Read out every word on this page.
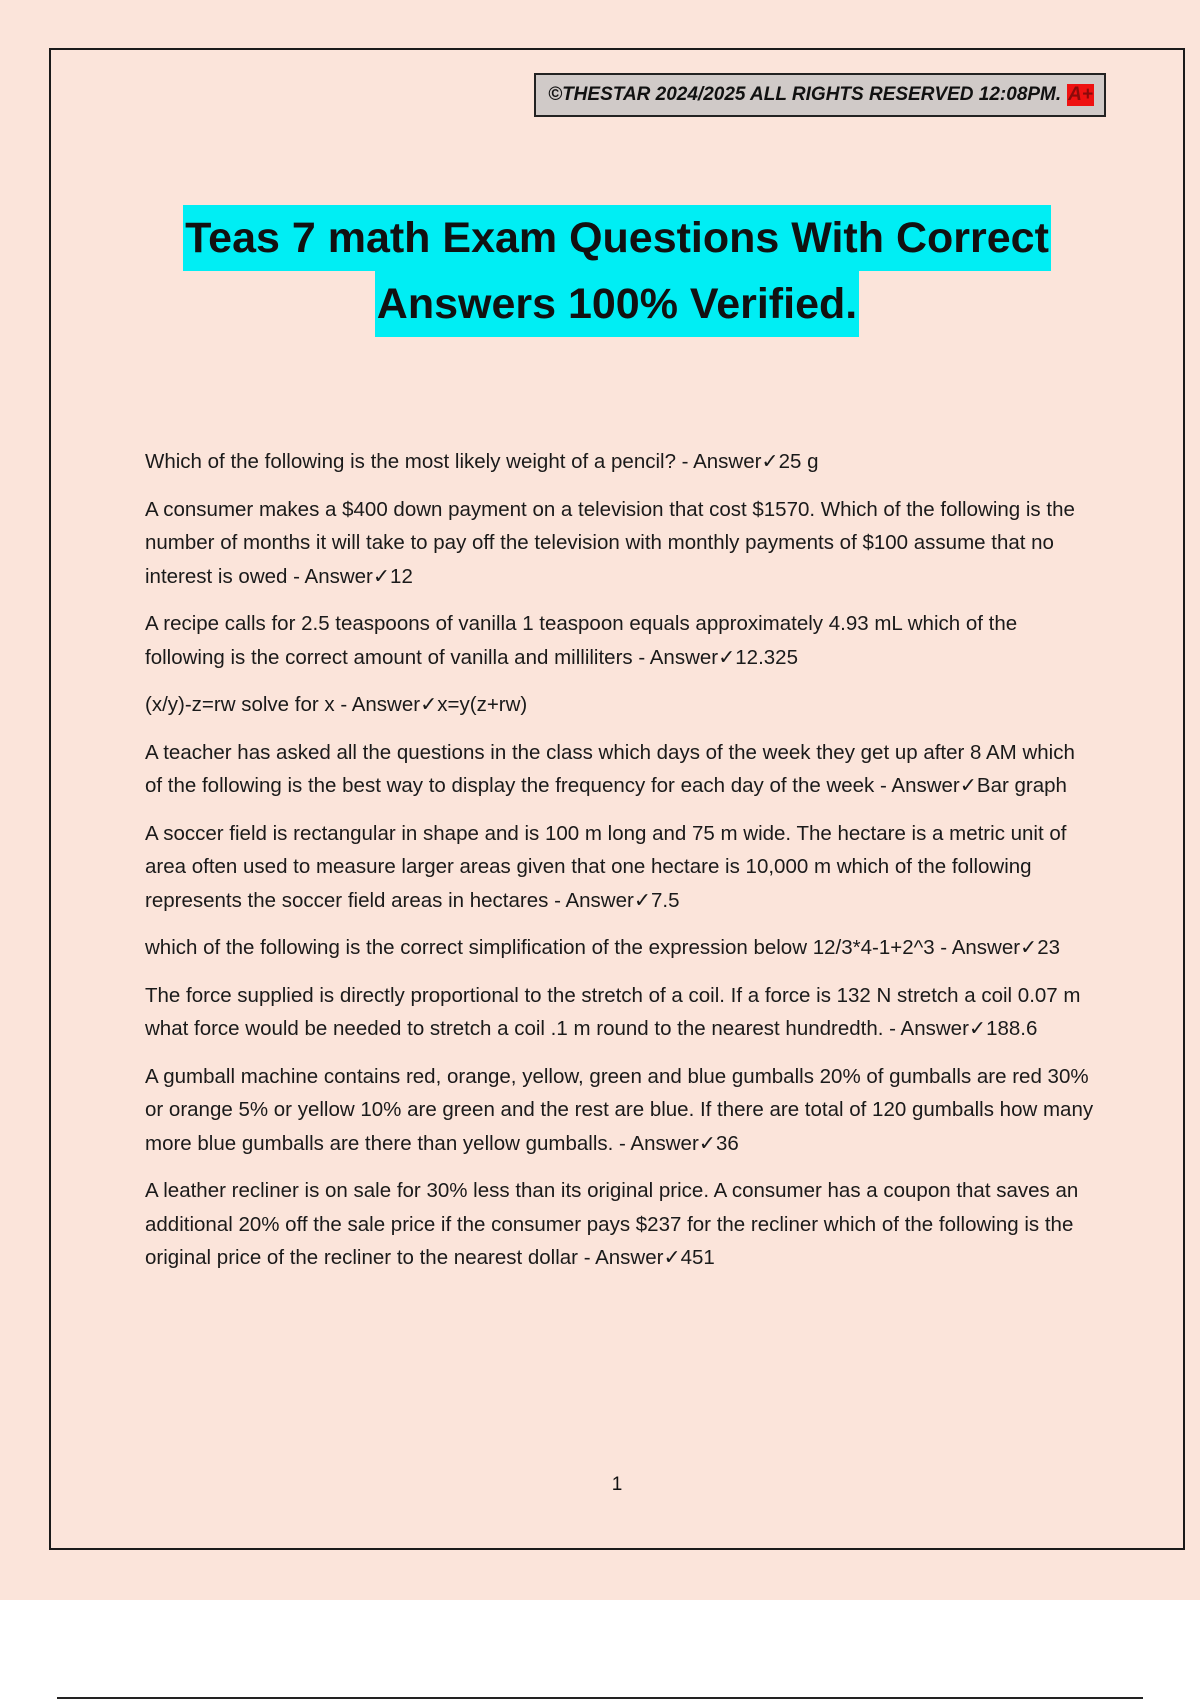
©THESTAR 2024/2025 ALL RIGHTS RESERVED 12:08PM. A+
Teas 7 math Exam Questions With Correct
Answers 100% Verified.
Which of the following is the most likely weight of a pencil? - Answer✓25 g
A consumer makes a $400 down payment on a television that cost $1570. Which of the following is the number of months it will take to pay off the television with monthly payments of $100 assume that no interest is owed - Answer✓12
A recipe calls for 2.5 teaspoons of vanilla 1 teaspoon equals approximately 4.93 mL which of the following is the correct amount of vanilla and milliliters - Answer✓12.325
(x/y)-z=rw solve for x - Answer✓x=y(z+rw)
A teacher has asked all the questions in the class which days of the week they get up after 8 AM which of the following is the best way to display the frequency for each day of the week - Answer✓Bar graph
A soccer field is rectangular in shape and is 100 m long and 75 m wide. The hectare is a metric unit of area often used to measure larger areas given that one hectare is 10,000 m which of the following represents the soccer field areas in hectares - Answer✓7.5
which of the following is the correct simplification of the expression below 12/3*4-1+2^3 - Answer✓23
The force supplied is directly proportional to the stretch of a coil. If a force is 132 N stretch a coil 0.07 m what force would be needed to stretch a coil .1 m round to the nearest hundredth. - Answer✓188.6
A gumball machine contains red, orange, yellow, green and blue gumballs 20% of gumballs are red 30% or orange 5% or yellow 10% are green and the rest are blue. If there are total of 120 gumballs how many more blue gumballs are there than yellow gumballs. - Answer✓36
A leather recliner is on sale for 30% less than its original price. A consumer has a coupon that saves an additional 20% off the sale price if the consumer pays $237 for the recliner which of the following is the original price of the recliner to the nearest dollar - Answer✓451
1
